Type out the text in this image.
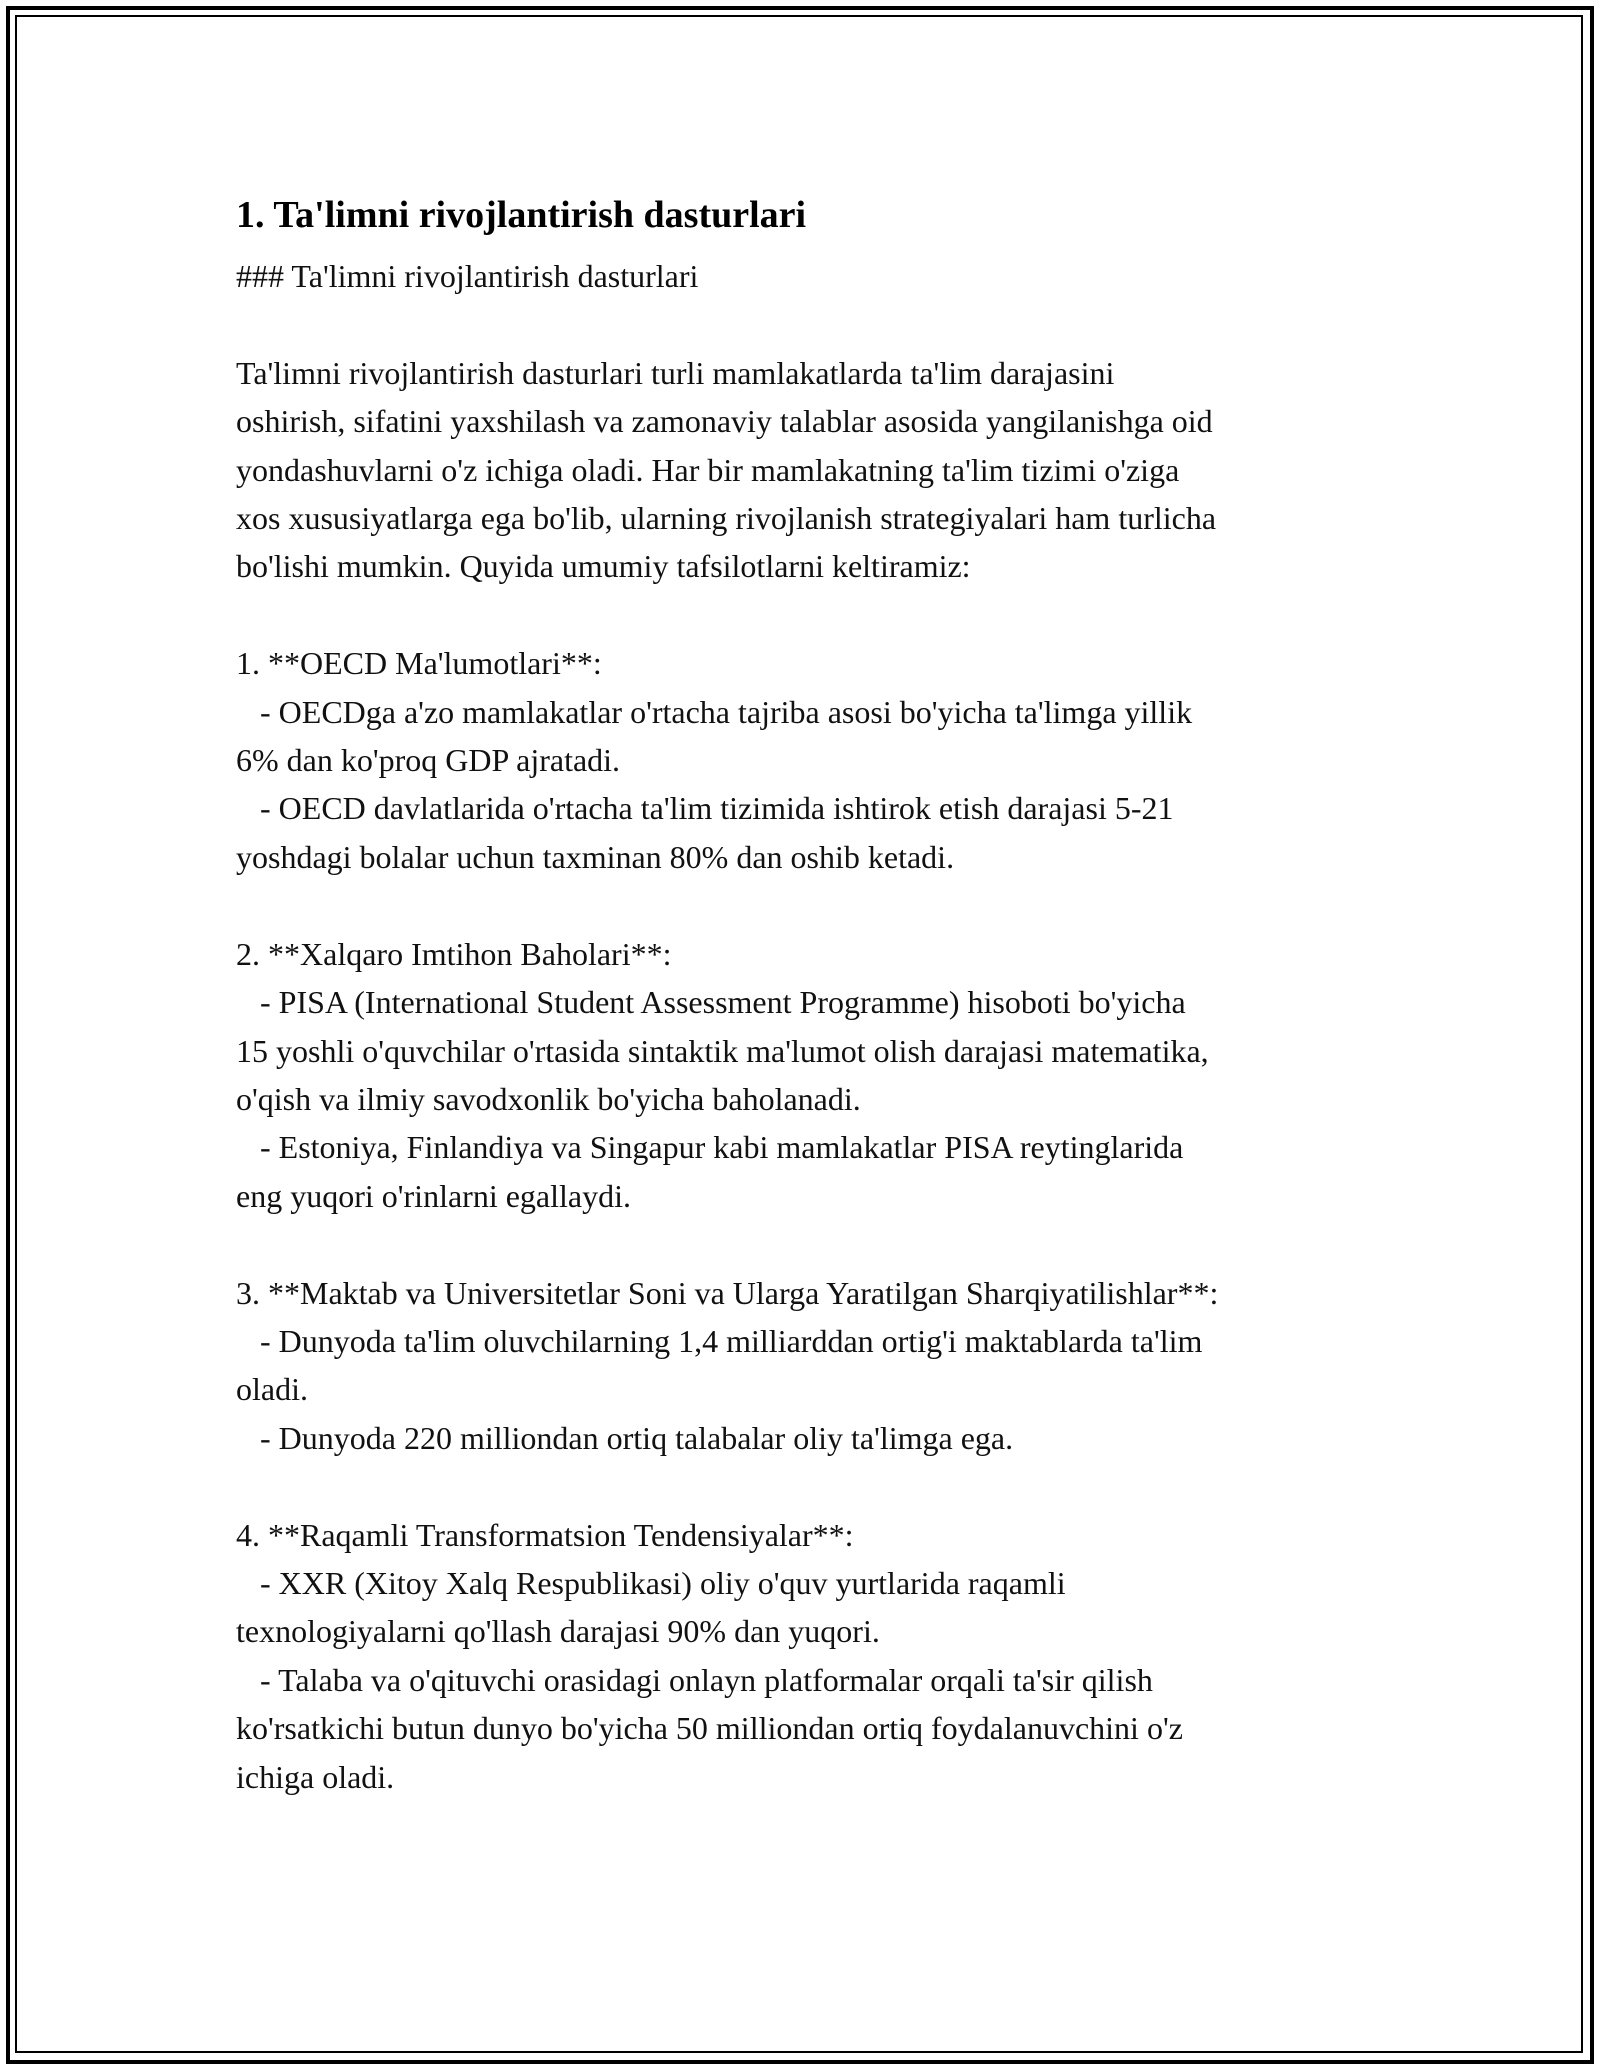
1. Ta'limni rivojlantirish dasturlari
### Ta'limni rivojlantirish dasturlari

Ta'limni rivojlantirish dasturlari turli mamlakatlarda ta'lim darajasini
oshirish, sifatini yaxshilash va zamonaviy talablar asosida yangilanishga oid
yondashuvlarni o'z ichiga oladi. Har bir mamlakatning ta'lim tizimi o'ziga
xos xususiyatlarga ega bo'lib, ularning rivojlanish strategiyalari ham turlicha
bo'lishi mumkin. Quyida umumiy tafsilotlarni keltiramiz:

1. **OECD Ma'lumotlari**:
- OECDga a'zo mamlakatlar o'rtacha tajriba asosi bo'yicha ta'limga yillik
6% dan ko'proq GDP ajratadi.
- OECD davlatlarida o'rtacha ta'lim tizimida ishtirok etish darajasi 5-21
yoshdagi bolalar uchun taxminan 80% dan oshib ketadi.

2. **Xalqaro Imtihon Baholari**:
- PISA (International Student Assessment Programme) hisoboti bo'yicha
15 yoshli o'quvchilar o'rtasida sintaktik ma'lumot olish darajasi matematika,
o'qish va ilmiy savodxonlik bo'yicha baholanadi.
- Estoniya, Finlandiya va Singapur kabi mamlakatlar PISA reytinglarida
eng yuqori o'rinlarni egallaydi.

3. **Maktab va Universitetlar Soni va Ularga Yaratilgan Sharqiyatilishlar**:
- Dunyoda ta'lim oluvchilarning 1,4 milliarddan ortig'i maktablarda ta'lim
oladi.
- Dunyoda 220 milliondan ortiq talabalar oliy ta'limga ega.

4. **Raqamli Transformatsion Tendensiyalar**:
- XXR (Xitoy Xalq Respublikasi) oliy o'quv yurtlarida raqamli
texnologiyalarni qo'llash darajasi 90% dan yuqori.
- Talaba va o'qituvchi orasidagi onlayn platformalar orqali ta'sir qilish
ko'rsatkichi butun dunyo bo'yicha 50 milliondan ortiq foydalanuvchini o'z
ichiga oladi.
